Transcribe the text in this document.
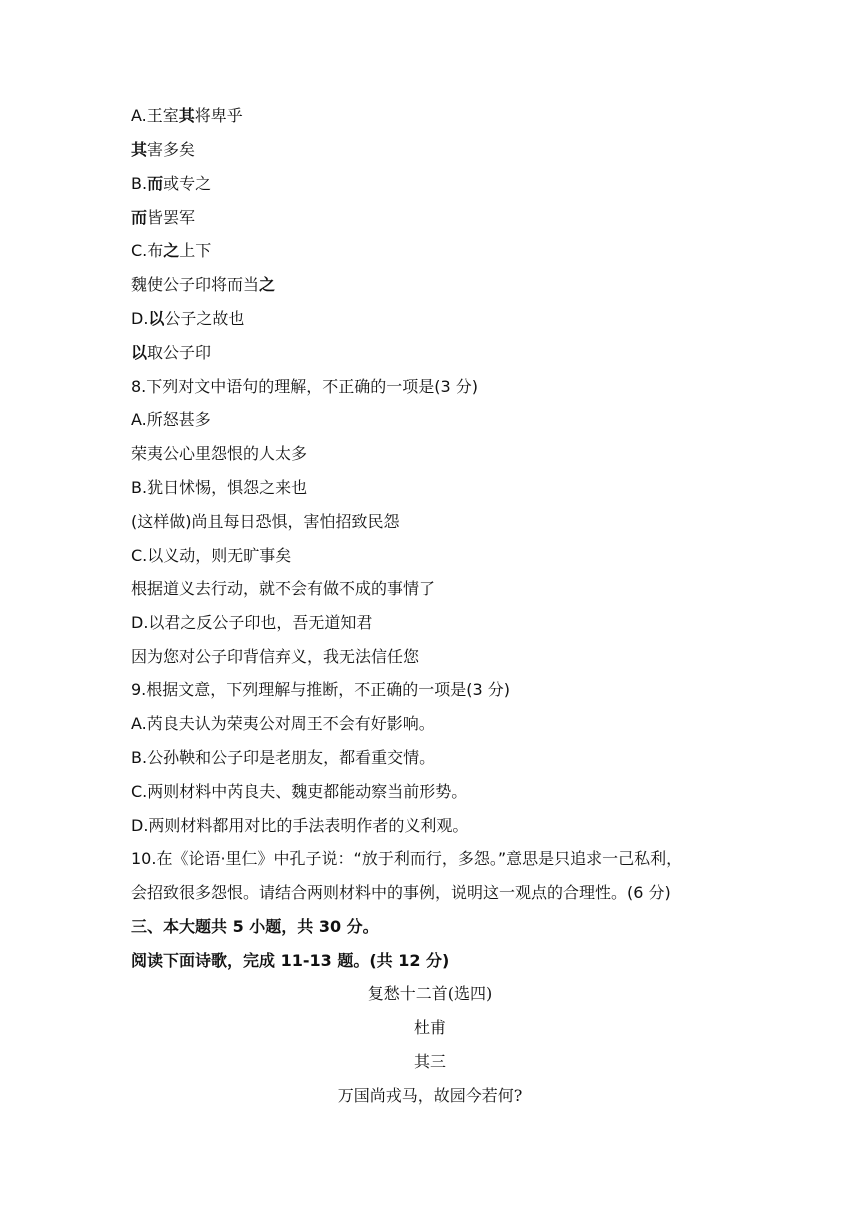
A.王室其将卑乎
其害多矣
B.而或专之
而皆罢军
C.布之上下
魏使公子印将而当之
D.以公子之故也
以取公子印
8.下列对文中语句的理解，不正确的一项是(3 分)
A.所怒甚多
荣夷公心里怨恨的人太多
B.犹日怵惕，惧怨之来也
(这样做)尚且每日恐惧，害怕招致民怨
C.以义动，则无旷事矣
根据道义去行动，就不会有做不成的事情了
D.以君之反公子印也，吾无道知君
因为您对公子印背信弃义，我无法信任您
9.根据文意，下列理解与推断，不正确的一项是(3 分)
A.芮良夫认为荣夷公对周王不会有好影响。
B.公孙鞅和公子印是老朋友，都看重交情。
C.两则材料中芮良夫、魏吏都能动察当前形势。
D.两则材料都用对比的手法表明作者的义利观。
10.在《论语·里仁》中孔子说：“放于利而行，多怨。”意思是只追求一己私利，
会招致很多怨恨。请结合两则材料中的事例，说明这一观点的合理性。(6 分)
三、本大题共 5 小题，共 30 分。
阅读下面诗歌，完成 11-13 题。(共 12 分)
复愁十二首(选四)
杜甫
其三
万国尚戎马，故园今若何?
